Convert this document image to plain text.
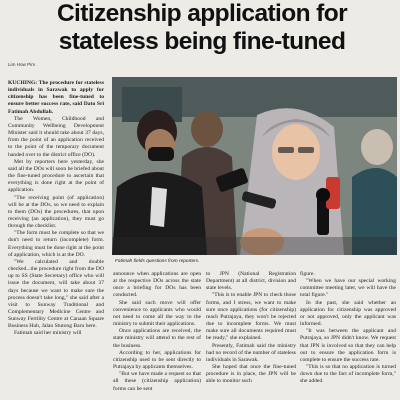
Citizenship application for
stateless being fine-tuned
Lim How Pim

KUCHING: The procedure for stateless individuals in Sarawak to apply for citizenship has been fine-tuned to ensure better success rate, said Dato Sri Fatimah Abdullah.

The Women, Childhood and Community Wellbeing Development Minister said it should take about 37 days, from the point of an application received to the point of the temporary document handed over to the district office (DO).

Met by reporters here yesterday, she said all the DOs will soon be briefed about the fine-tuned procedure to ascertain that everything is done right at the point of application.

"The receiving point (of application) will be at the DOs, so we need to explain to them (DOs) the procedures, that upon receiving (an application), they must go through the checklist.

"The form must be complete so that we don't need to return (incomplete) form. Everything must be done right at the point of application, which is at the DO.

"We calculated and double checked...the procedure right from the DO up to SS (State Secretary) office who will issue the document, will take about 37 days because we want to make sure the process doesn't take long," she said after a visit to Sunway Traditional and Complementary Medicine Centre and Sunway Fertility Centre at Canaan Square Business Hub, Jalan Stutong Baru here.

Fatimah said her ministry will

Fatimah fields questions from reporters.

announce when applications are open at the respective DOs across the state once a briefing for DOs has been conducted.

She said such move will offer convenience to applicants who would not need to come all the way to the ministry to submit their applications.

Once applications are received, the state ministry will attend to the rest of the business.

According to her, applications for citizenship used to be sent directly to Putrajaya by applicants themselves.

"But we have made a request so that all these (citizenship application) forms can be sent

to JPN (National Registration Department) at all district, division and state levels.

"This is to enable JPN to check those forms, and I stress, we want to make sure once applications (for citizenship) reach Putrajaya, they won't be rejected due to incomplete forms. We must make sure all documents required must be ready," she explained.

Presently, Fatimah said the ministry had no record of the number of stateless individuals in Sarawak.

She hoped that once the fine-tuned procedure is in place, the JPN will be able to monitor such

figure.

"When we have our special working committee meeting later, we will have the total figure."

In the past, she said whether an application for citizenship was approved or not approved, only the applicant was informed.

"It was between the applicant and Putrajaya, so JPN didn't know. We request that JPN is involved so that they can help out to ensure the application form is complete to ensure the success rate.

"This is so that no application is turned down due to the fact of incomplete form," she added.
